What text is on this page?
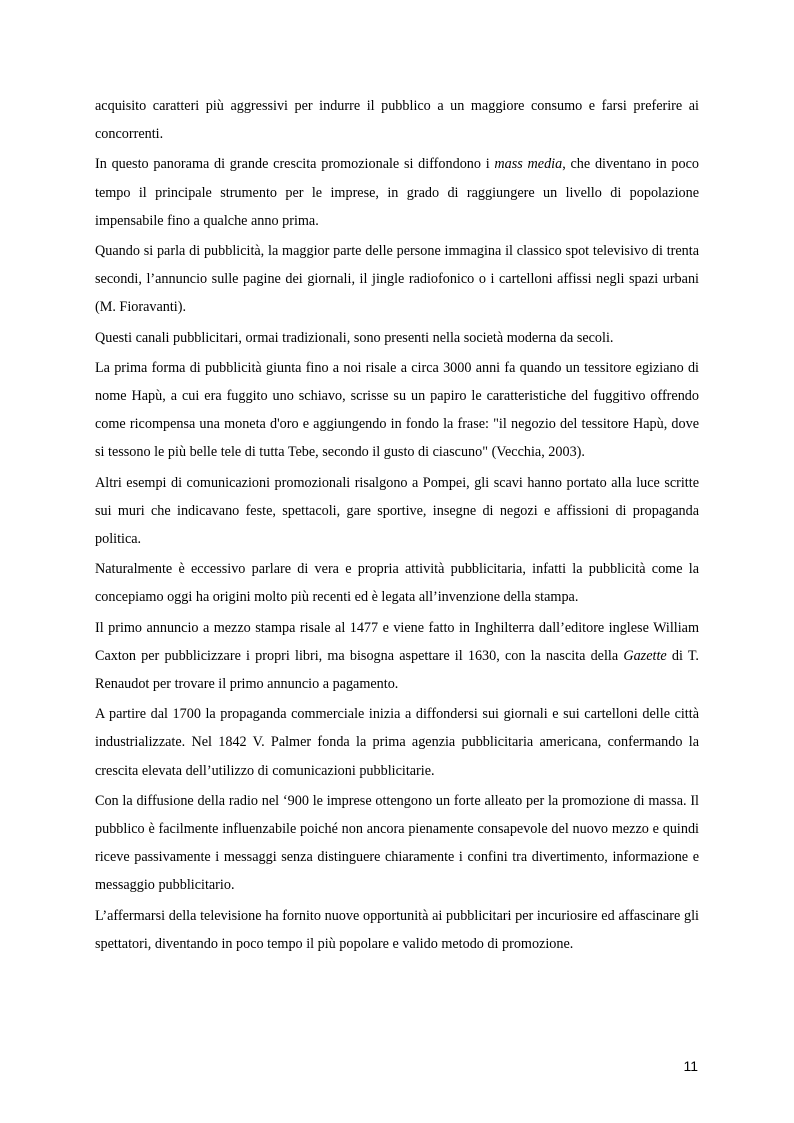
acquisito caratteri più aggressivi per indurre il pubblico a un maggiore consumo e farsi preferire ai concorrenti.

In questo panorama di grande crescita promozionale si diffondono i mass media, che diventano in poco tempo il principale strumento per le imprese, in grado di raggiungere un livello di popolazione impensabile fino a qualche anno prima.

Quando si parla di pubblicità, la maggior parte delle persone immagina il classico spot televisivo di trenta secondi, l’annuncio sulle pagine dei giornali, il jingle radiofonico o i cartelloni affissi negli spazi urbani (M. Fioravanti).

Questi canali pubblicitari, ormai tradizionali, sono presenti nella società moderna da secoli.

La prima forma di pubblicità giunta fino a noi risale a circa 3000 anni fa quando un tessitore egiziano di nome Hapù, a cui era fuggito uno schiavo, scrisse su un papiro le caratteristiche del fuggitivo offrendo come ricompensa una moneta d'oro e aggiungendo in fondo la frase: "il negozio del tessitore Hapù, dove si tessono le più belle tele di tutta Tebe, secondo il gusto di ciascuno" (Vecchia, 2003).

Altri esempi di comunicazioni promozionali risalgono a Pompei, gli scavi hanno portato alla luce scritte sui muri che indicavano feste, spettacoli, gare sportive, insegne di negozi e affissioni di propaganda politica.

Naturalmente è eccessivo parlare di vera e propria attività pubblicitaria, infatti la pubblicità come la concepiamo oggi ha origini molto più recenti ed è legata all’invenzione della stampa.

Il primo annuncio a mezzo stampa risale al 1477 e viene fatto in Inghilterra dall’editore inglese William Caxton per pubblicizzare i propri libri, ma bisogna aspettare il 1630, con la nascita della Gazette di T. Renaudot per trovare il primo annuncio a pagamento.

A partire dal 1700 la propaganda commerciale inizia a diffondersi sui giornali e sui cartelloni delle città industrializzate. Nel 1842 V. Palmer fonda la prima agenzia pubblicitaria americana, confermando la crescita elevata dell’utilizzo di comunicazioni pubblicitarie.

Con la diffusione della radio nel ‘900 le imprese ottengono un forte alleato per la promozione di massa. Il pubblico è facilmente influenzabile poiché non ancora pienamente consapevole del nuovo mezzo e quindi riceve passivamente i messaggi senza distinguere chiaramente i confini tra divertimento, informazione e messaggio pubblicitario.

L’affermarsi della televisione ha fornito nuove opportunità ai pubblicitari per incuriosire ed affascinare gli spettatori, diventando in poco tempo il più popolare e valido metodo di promozione.

11
